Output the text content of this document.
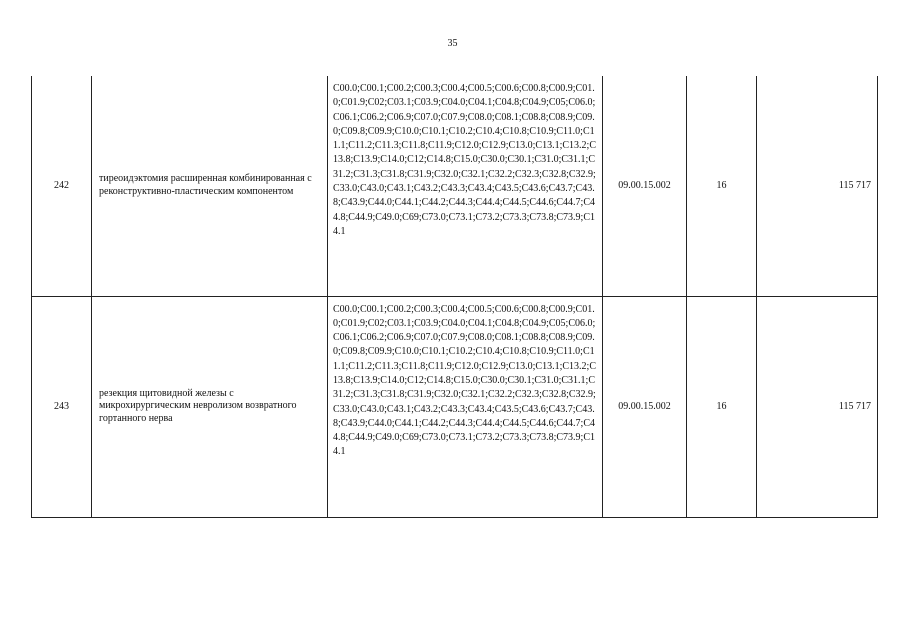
35
242	тиреоидэктомия расширенная комбинированная с реконструктивно-пластическим компонентом	C00.0;C00.1;C00.2;C00.3;C00.4;C00.5;C00.6;C00.8;C00.9;C01.0;C01.9;C02;C03.1;C03.9;C04.0;C04.1;C04.8;C04.9;C05;C06.0;C06.1;C06.2;C06.9;C07.0;C07.9;C08.0;C08.1;C08.8;C08.9;C09.0;C09.8;C09.9;C10.0;C10.1;C10.2;C10.4;C10.8;C10.9;C11.0;C11.1;C11.2;C11.3;C11.8;C11.9;C12.0;C12.9;C13.0;C13.1;C13.2;C13.8;C13.9;C14.0;C12;C14.8;C15.0;C30.0;C30.1;C31.0;C31.1;C31.2;C31.3;C31.8;C31.9;C32.0;C32.1;C32.2;C32.3;C32.8;C32.9;C33.0;C43.0;C43.1;C43.2;C43.3;C43.4;C43.5;C43.6;C43.7;C43.8;C43.9;C44.0;C44.1;C44.2;C44.3;C44.4;C44.5;C44.6;C44.7;C44.8;C44.9;C49.0;C69;C73.0;C73.1;C73.2;C73.3;C73.8;C73.9;C14.1	09.00.15.002	16	115 717
243	резекция щитовидной железы с микрохирургическим невролизом возвратного гортанного нерва	C00.0;C00.1;C00.2;C00.3;C00.4;C00.5;C00.6;C00.8;C00.9;C01.0;C01.9;C02;C03.1;C03.9;C04.0;C04.1;C04.8;C04.9;C05;C06.0;C06.1;C06.2;C06.9;C07.0;C07.9;C08.0;C08.1;C08.8;C08.9;C09.0;C09.8;C09.9;C10.0;C10.1;C10.2;C10.4;C10.8;C10.9;C11.0;C11.1;C11.2;C11.3;C11.8;C11.9;C12.0;C12.9;C13.0;C13.1;C13.2;C13.8;C13.9;C14.0;C12;C14.8;C15.0;C30.0;C30.1;C31.0;C31.1;C31.2;C31.3;C31.8;C31.9;C32.0;C32.1;C32.2;C32.3;C32.8;C32.9;C33.0;C43.0;C43.1;C43.2;C43.3;C43.4;C43.5;C43.6;C43.7;C43.8;C43.9;C44.0;C44.1;C44.2;C44.3;C44.4;C44.5;C44.6;C44.7;C44.8;C44.9;C49.0;C69;C73.0;C73.1;C73.2;C73.3;C73.8;C73.9;C14.1	09.00.15.002	16	115 717
